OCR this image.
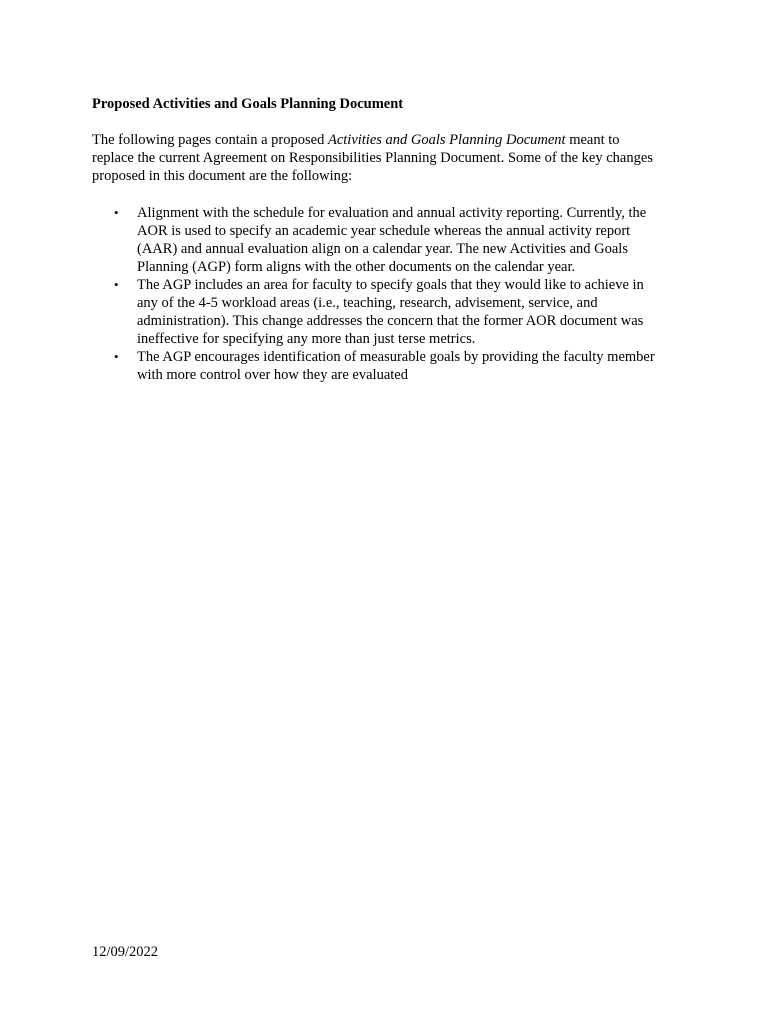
Proposed Activities and Goals Planning Document

The following pages contain a proposed Activities and Goals Planning Document meant to

replace the current Agreement on Responsibilities Planning Document. Some of the key changes

proposed in this document are the following:

• Alignment with the schedule for evaluation and annual activity reporting. Currently, the
AOR is used to specify an academic year schedule whereas the annual activity report
(AAR) and annual evaluation align on a calendar year. The new Activities and Goals
Planning (AGP) form aligns with the other documents on the calendar year.
• The AGP includes an area for faculty to specify goals that they would like to achieve in
any of the 4-5 workload areas (i.e., teaching, research, advisement, service, and
administration). This change addresses the concern that the former AOR document was
ineffective for specifying any more than just terse metrics.
• The AGP encourages identification of measurable goals by providing the faculty member
with more control over how they are evaluated
12/09/2022
